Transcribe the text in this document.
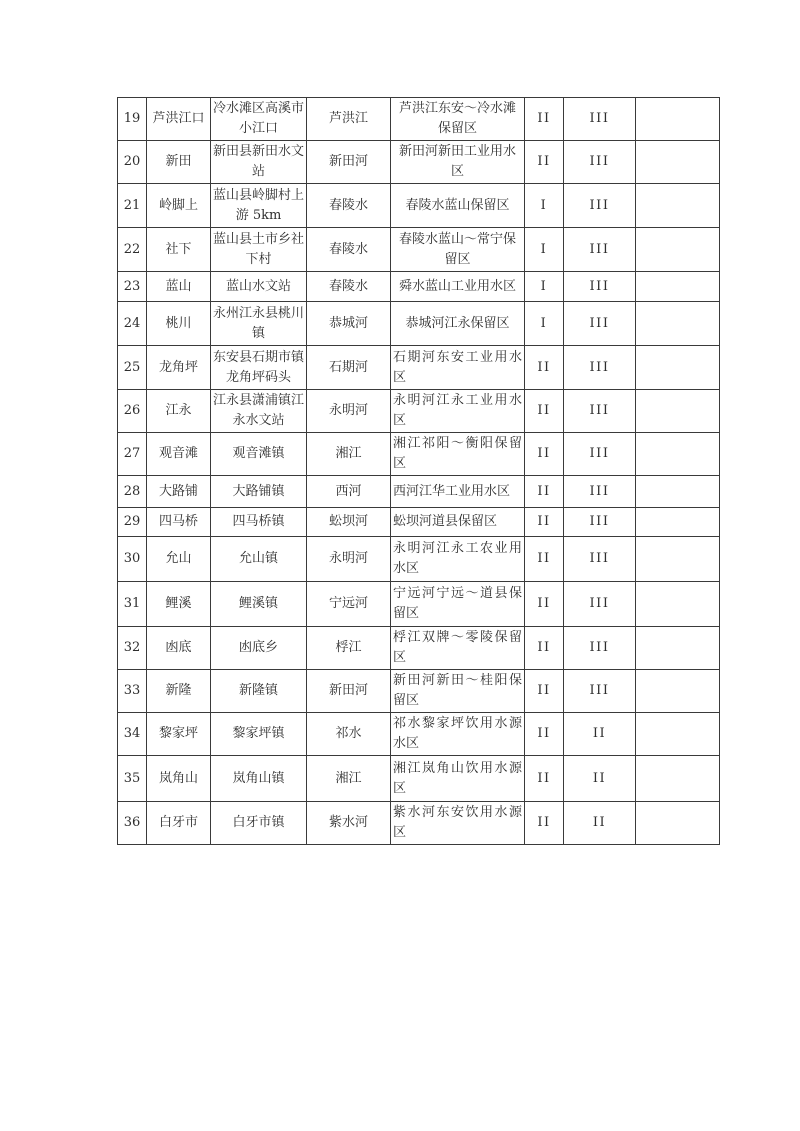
19	芦洪江口	冷水滩区高溪市小江口	芦洪江	芦洪江东安～冷水滩保留区	II	III	
20	新田	新田县新田水文站	新田河	新田河新田工业用水区	II	III	
21	岭脚上	蓝山县岭脚村上游 5km	春陵水	春陵水蓝山保留区	I	III	
22	社下	蓝山县土市乡社下村	春陵水	春陵水蓝山～常宁保留区	I	III	
23	蓝山	蓝山水文站	春陵水	舜水蓝山工业用水区	I	III	
24	桃川	永州江永县桃川镇	恭城河	恭城河江永保留区	I	III	
25	龙角坪	东安县石期市镇龙角坪码头	石期河	石期河东安工业用水区	II	III	
26	江永	江永县潇浦镇江永水文站	永明河	永明河江永工业用水区	II	III	
27	观音滩	观音滩镇	湘江	湘江祁阳～衡阳保留区	II	III	
28	大路铺	大路铺镇	西河	西河江华工业用水区	II	III	
29	四马桥	四马桥镇	蚣坝河	蚣坝河道县保留区	II	III	
30	允山	允山镇	永明河	永明河江永工农业用水区	II	III	
31	鲤溪	鲤溪镇	宁远河	宁远河宁远～道县保留区	II	III	
32	凼底	凼底乡	桴江	桴江双牌～零陵保留区	II	III	
33	新隆	新隆镇	新田河	新田河新田～桂阳保留区	II	III	
34	黎家坪	黎家坪镇	祁水	祁水黎家坪饮用水源水区	II	II	
35	岚角山	岚角山镇	湘江	湘江岚角山饮用水源区	II	II	
36	白牙市	白牙市镇	紫水河	紫水河东安饮用水源区	II	II	
